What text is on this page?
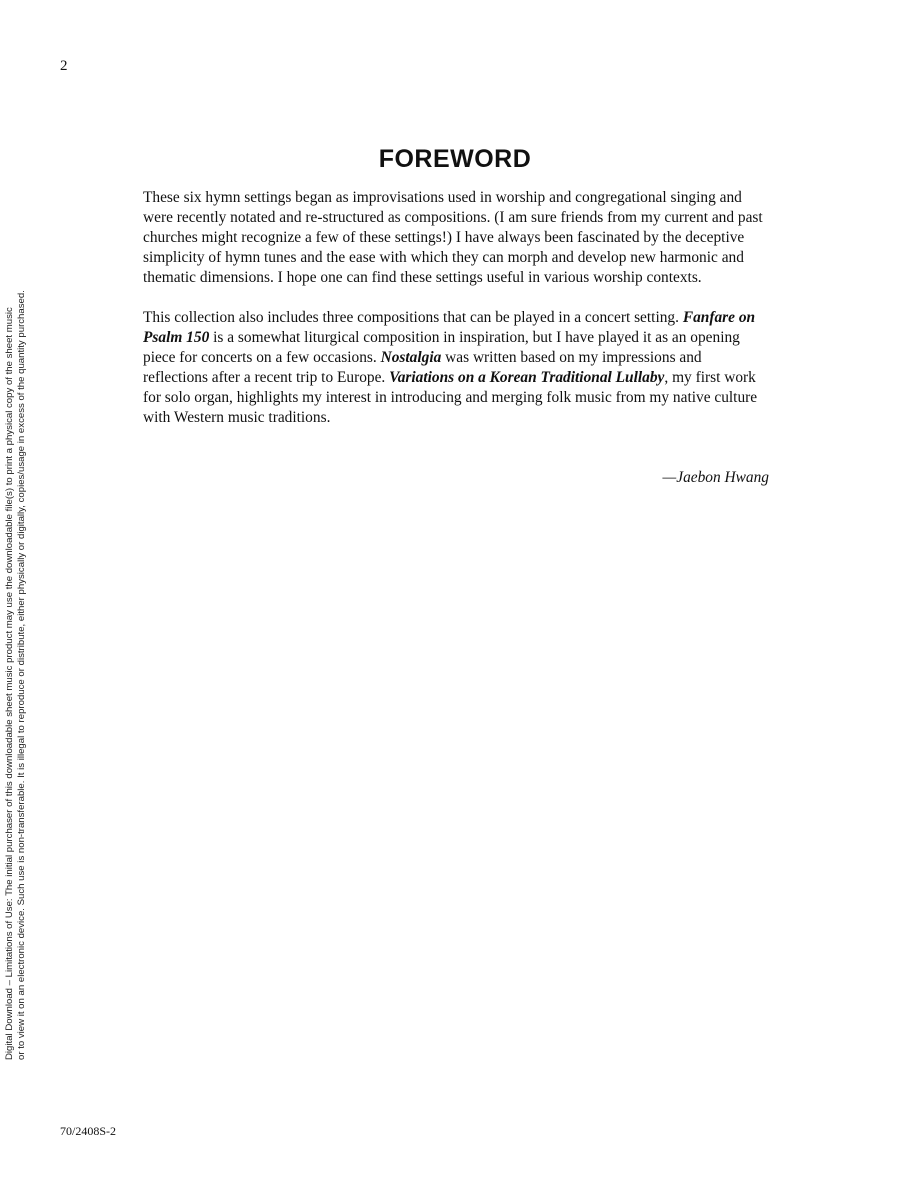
2
FOREWORD

These six hymn settings began as improvisations used in worship and congregational singing and were recently notated and re-structured as compositions. (I am sure friends from my current and past churches might recognize a few of these settings!) I have always been fascinated by the deceptive simplicity of hymn tunes and the ease with which they can morph and develop new harmonic and thematic dimensions. I hope one can find these settings useful in various worship contexts.

This collection also includes three compositions that can be played in a concert setting. Fanfare on Psalm 150 is a somewhat liturgical composition in inspiration, but I have played it as an opening piece for concerts on a few occasions. Nostalgia was written based on my impressions and reflections after a recent trip to Europe. Variations on a Korean Traditional Lullaby, my first work for solo organ, highlights my interest in introducing and merging folk music from my native culture with Western music traditions.

—Jaebon Hwang
Digital Download – Limitations of Use: The initial purchaser of this downloadable sheet music product may use the downloadable file(s) to print a physical copy of the sheet music or to view it on an electronic device. Such use is non-transferable. It is illegal to reproduce or distribute, either physically or digitally, copies/usage in excess of the quantity purchased.
70/2408S-2
